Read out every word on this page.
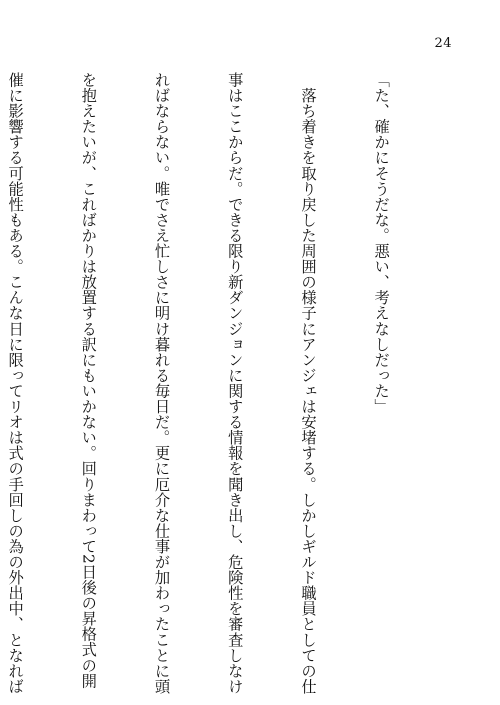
24

「た、確かにそうだな。悪い、考えなしだった」

　落ち着きを取り戻した周囲の様子にアンジェは安堵する。しかしギルド職員としての仕

事はここからだ。できる限り新ダンジョンに関する情報を聞き出し、危険性を審査しなけ

ればならない。唯でさえ忙しさに明け暮れる毎日だ。更に厄介な仕事が加わったことに頭

を抱えたいが、こればかりは放置する訳にもいかない。回りまわって2日後の昇格式の開

催に影響する可能性もある。こんな日に限ってリオは式の手回しの為の外出中、となれば
